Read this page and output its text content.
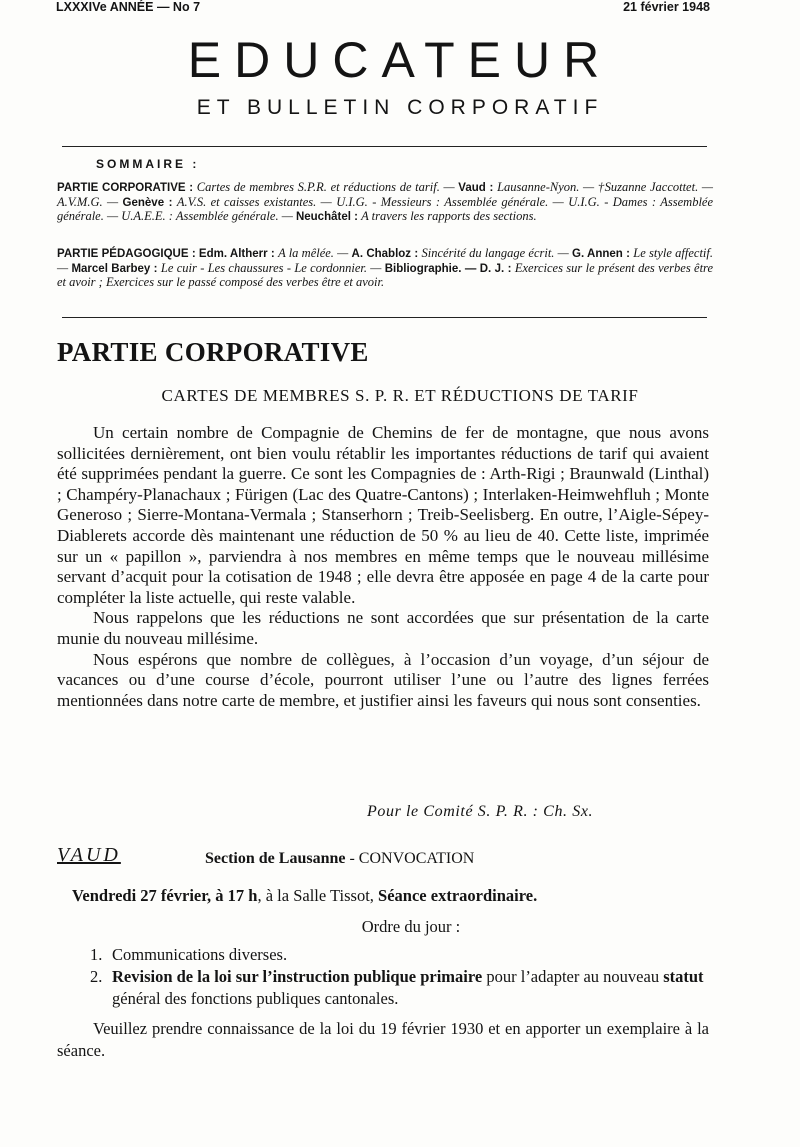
LXXXIVe ANNÉE — No 7	21 février 1948
EDUCATEUR
ET BULLETIN CORPORATIF
SOMMAIRE :
PARTIE CORPORATIVE : Cartes de membres S.P.R. et réductions de tarif. — Vaud : Lausanne-Nyon. — †Suzanne Jaccottet. — A.V.M.G. — Genève : A.V.S. et caisses existantes. — U.I.G. - Messieurs : Assemblée générale. — U.I.G. - Dames : Assemblée générale. — U.A.E.E. : Assemblée générale. — Neuchâtel : A travers les rapports des sections.
PARTIE PÉDAGOGIQUE : Edm. Altherr : A la mêlée. — A. Chabloz : Sincérité du langage écrit. — G. Annen : Le style affectif. — Marcel Barbey : Le cuir - Les chaussures - Le cordonnier. — Bibliographie. — D. J. : Exercices sur le présent des verbes être et avoir ; Exercices sur le passé composé des verbes être et avoir.
PARTIE CORPORATIVE
CARTES DE MEMBRES S. P. R. ET RÉDUCTIONS DE TARIF

Un certain nombre de Compagnie de Chemins de fer de montagne, que nous avons sollicitées dernièrement, ont bien voulu rétablir les importantes réductions de tarif qui avaient été supprimées pendant la guerre. Ce sont les Compagnies de : Arth-Rigi ; Braunwald (Linthal) ; Champéry-Planachaux ; Fürigen (Lac des Quatre-Cantons) ; Interlaken-Heimwehfluh ; Monte Generoso ; Sierre-Montana-Vermala ; Stanserhorn ; Treib-Seelisberg. En outre, l’Aigle-Sépey-Diablerets accorde dès maintenant une réduction de 50 % au lieu de 40. Cette liste, imprimée sur un « papillon », parviendra à nos membres en même temps que le nouveau millésime servant d’acquit pour la cotisation de 1948 ; elle devra être apposée en page 4 de la carte pour compléter la liste actuelle, qui reste valable.

Nous rappelons que les réductions ne sont accordées que sur présentation de la carte munie du nouveau millésime.

Nous espérons que nombre de collègues, à l’occasion d’un voyage, d’un séjour de vacances ou d’une course d’école, pourront utiliser l’une ou l’autre des lignes ferrées mentionnées dans notre carte de membre, et justifier ainsi les faveurs qui nous sont consenties.

Pour le Comité S. P. R. : Ch. Sx.
VAUD	Section de Lausanne - CONVOCATION
Vendredi 27 février, à 17 h, à la Salle Tissot, Séance extraordinaire.
Ordre du jour :
1. Communications diverses.
2. Revision de la loi sur l’instruction publique primaire pour l’adapter au nouveau statut général des fonctions publiques cantonales.
Veuillez prendre connaissance de la loi du 19 février 1930 et en apporter un exemplaire à la séance.
